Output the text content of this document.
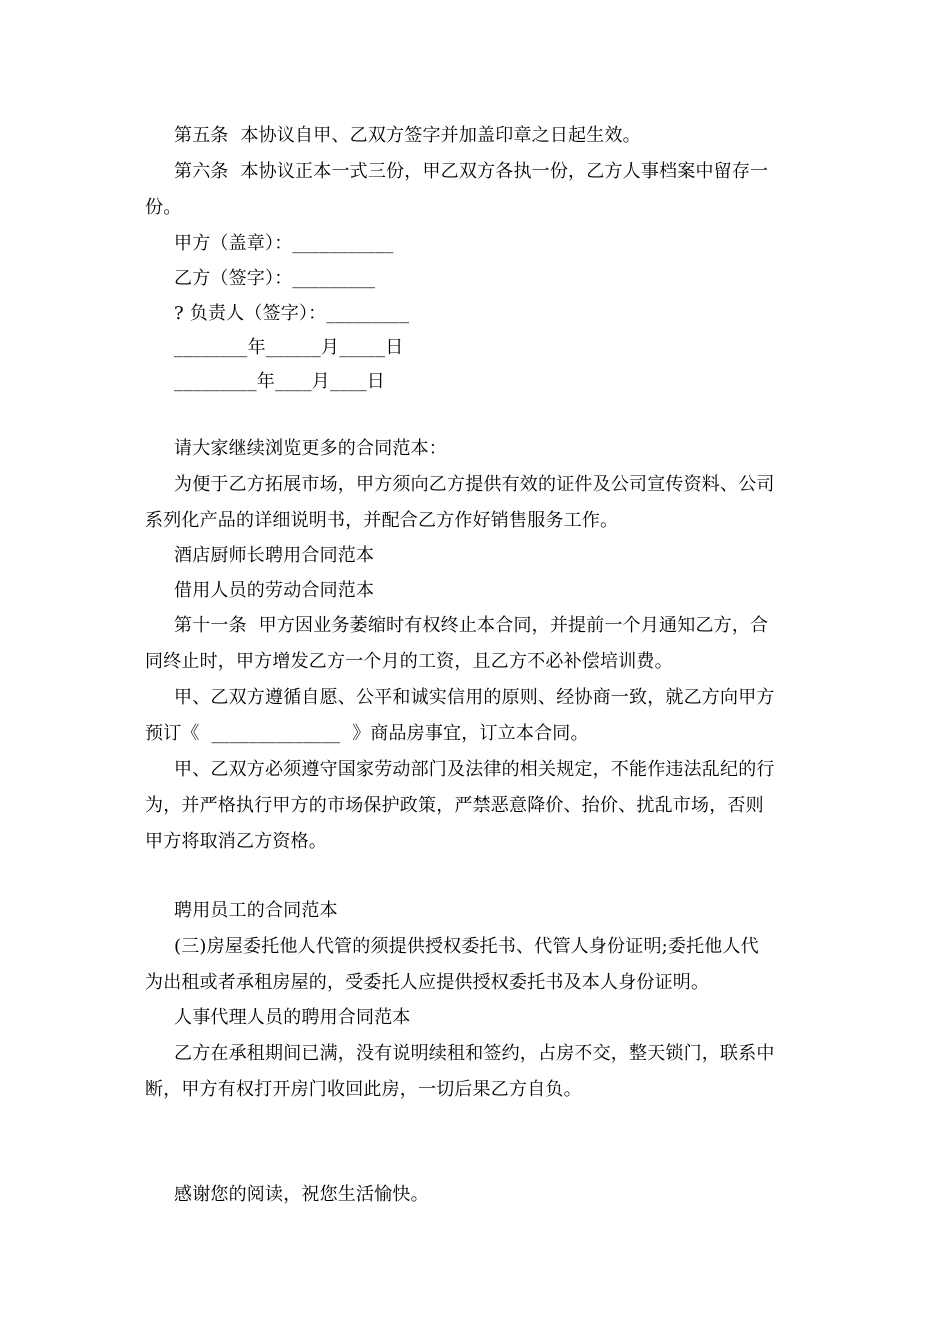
第五条  本协议自甲、乙双方签字并加盖印章之日起生效。
第六条  本协议正本一式三份，甲乙双方各执一份，乙方人事档案中留存一
份。
甲方（盖章）：___________
乙方（签字）：_________
? 负责人（签字）：_________
________年______月_____日
_________年____月____日
请大家继续浏览更多的合同范本：
为便于乙方拓展市场，甲方须向乙方提供有效的证件及公司宣传资料、公司
系列化产品的详细说明书，并配合乙方作好销售服务工作。
酒店厨师长聘用合同范本
借用人员的劳动合同范本
第十一条  甲方因业务萎缩时有权终止本合同，并提前一个月通知乙方，合
同终止时，甲方增发乙方一个月的工资，且乙方不必补偿培训费。
甲、乙双方遵循自愿、公平和诚实信用的原则、经协商一致，就乙方向甲方
预订《  ______________  》商品房事宜，订立本合同。
甲、乙双方必须遵守国家劳动部门及法律的相关规定，不能作违法乱纪的行
为，并严格执行甲方的市场保护政策，严禁恶意降价、抬价、扰乱市场，否则
甲方将取消乙方资格。
聘用员工的合同范本
(三)房屋委托他人代管的须提供授权委托书、代管人身份证明;委托他人代
为出租或者承租房屋的，受委托人应提供授权委托书及本人身份证明。
人事代理人员的聘用合同范本
乙方在承租期间已满，没有说明续租和签约，占房不交，整天锁门，联系中
断，甲方有权打开房门收回此房，一切后果乙方自负。
感谢您的阅读，祝您生活愉快。
